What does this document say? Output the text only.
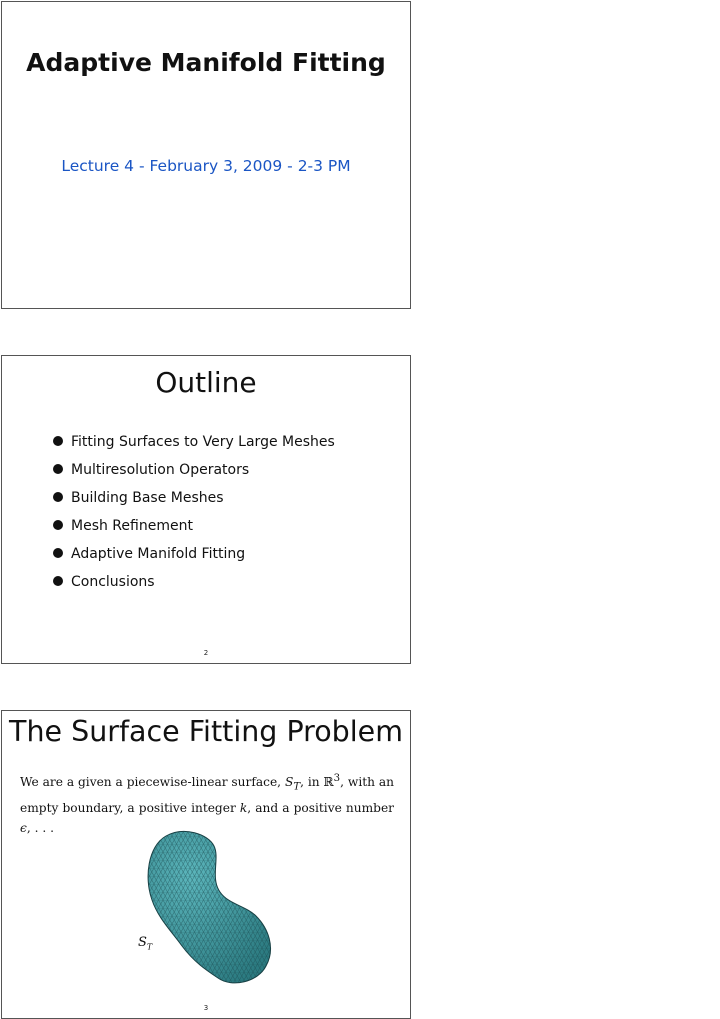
Adaptive Manifold Fitting
Lecture 4 - February 3, 2009 - 2-3 PM
Outline
Fitting Surfaces to Very Large Meshes
Multiresolution Operators
Building Base Meshes
Mesh Refinement
Adaptive Manifold Fitting
Conclusions
2
The Surface Fitting Problem
We are a given a piecewise-linear surface, $S_T$, in ℝ$^3$, with an empty boundary, a positive integer k, and a positive number ϵ, . . .
$S_T$
3
